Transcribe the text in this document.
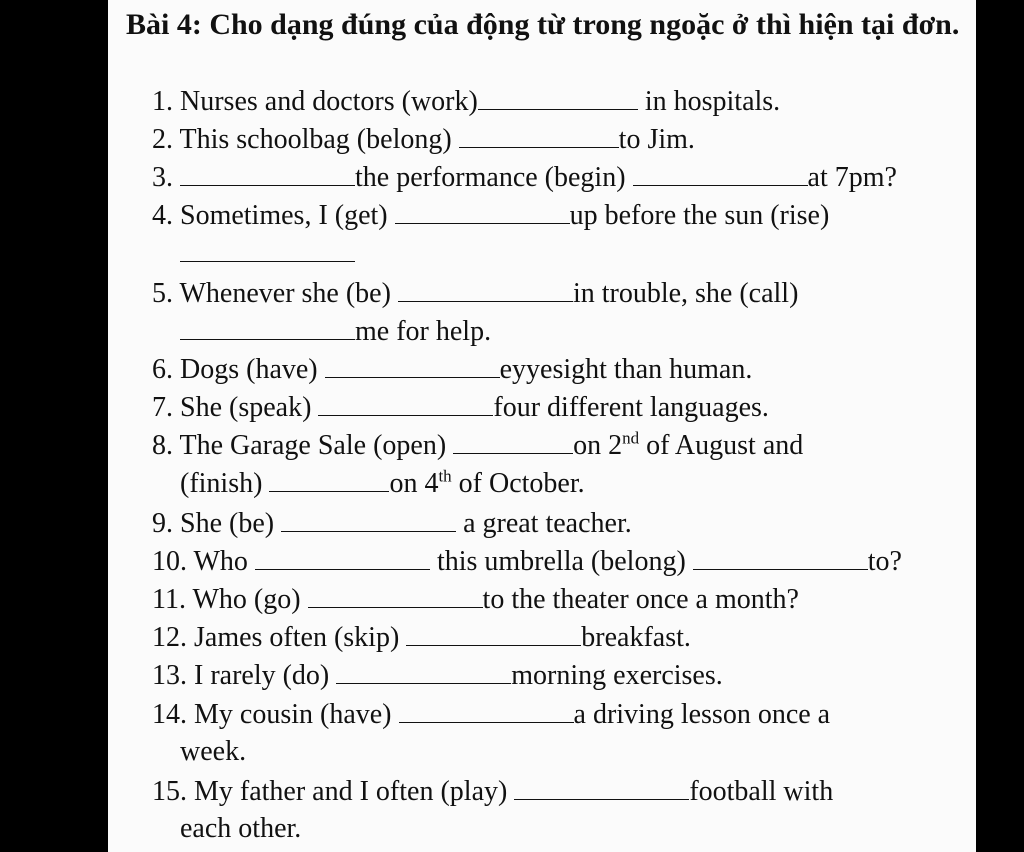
Bài 4: Cho dạng đúng của động từ trong ngoặc ở thì hiện tại đơn.
1. Nurses and doctors (work)	in hospitals.
2. This schoolbag (belong)	to Jim.
3.	the performance (begin)	at 7pm?
4. Sometimes, I (get)	up before the sun (rise)
5. Whenever she (be)	in trouble, she (call)
me for help.
6. Dogs (have)	eyyesight than human.
7. She (speak)	four different languages.
8. The Garage Sale (open)	on 2nd of August and
(finish)	on 4th of October.
9. She (be)	a great teacher.
10. Who	this umbrella (belong)	to?
11. Who (go)	to the theater once a month?
12. James often (skip)	breakfast.
13. I rarely (do)	morning exercises.
14. My cousin (have)	a driving lesson once a
week.
15. My father and I often (play)	football with
each other.
